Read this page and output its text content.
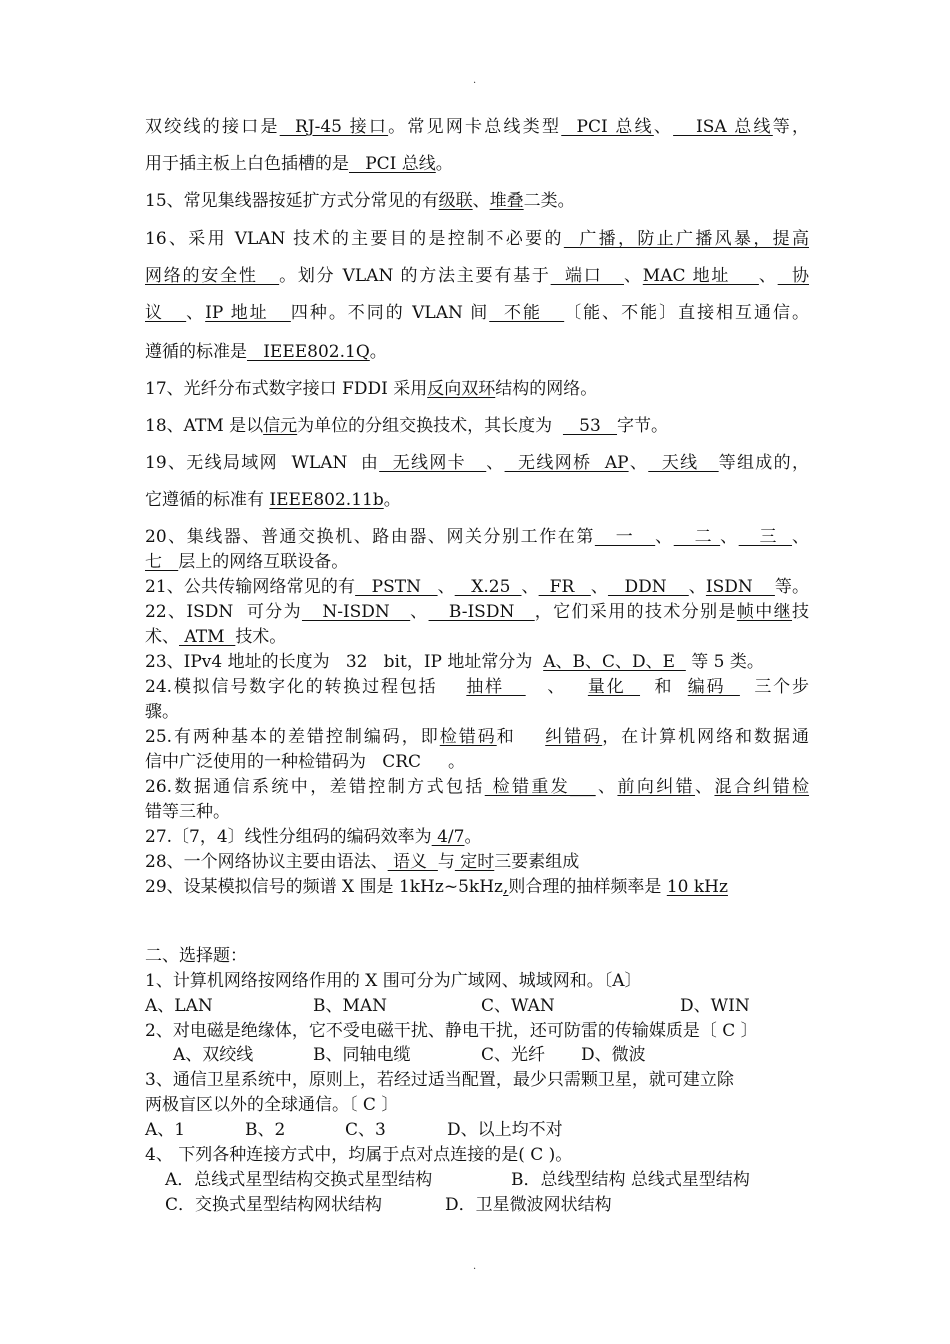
.
双绞线的接口是  RJ-45 接口。常见网卡总线类型  PCI 总线、   ISA 总线等，
用于插主板上白色插槽的是   PCI 总线。
15、常见集线器按延扩方式分常见的有级联、堆叠二类。
16、采用 VLAN 技术的主要目的是控制不必要的  广播，防止广播风暴，提高
网络的安全性   。划分 VLAN 的方法主要有基于  端口   、MAC 地址    、  协
议   、IP 地址   四种。不同的 VLAN 间  不能   〔能、不能〕直接相互通信。
遵循的标准是   IEEE802.1Q。
17、光纤分布式数字接口 FDDI 采用反向双环结构的网络。
18、ATM 是以信元为单位的分组交换技术，其长度为     53   字节。
19、无线局域网  WLAN  由  无线网卡   、  无线网桥  AP、  天线   等组成的，
它遵循的标准有 IEEE802.11b。
20、集线器、普通交换机、路由器、网关分别工作在第   一   、   二 、   三  、
七   层上的网络互联设备。
21、公共传输网络常见的有   PSTN   、   X.25  、  FR   、   DDN    、ISDN    等。
22、ISDN  可分为   N-ISDN   、   B-ISDN   ，它们采用的技术分别是帧中继技
术、 ATM  技术。
23、IPv4 地址的长度为   32   bit，IP 地址常分为  A、B、C、D、E   等 5 类。
24.模拟信号数字化的转换过程包括    抽样      、   量化    和  编码    三个步
骤。
25.有两种基本的差错控制编码，即检错码和    纠错码，在计算机网络和数据通
信中广泛使用的一种检错码为   CRC     。
26.数据通信系统中，差错控制方式包括 检错重发___、前向纠错、混合纠错检
错等三种。
27.〔7，4〕线性分组码的编码效率为 4/7。
28、一个网络协议主要由语法、 语义  与 定时三要素组成
29、设某模拟信号的频谱 X 围是 1kHz~5kHz,则合理的抽样频率是 10 kHz
二、选择题：
1、计算机网络按网络作用的 X 围可分为广域网、城域网和。〔A〕
A、LAN	B、MAN	C、WAN	D、WIN
2、对电磁是绝缘体，它不受电磁干扰、静电干扰，还可防雷的传输媒质是〔 C 〕
A、双绞线	B、同轴电缆	C、光纤 D、微波
3、通信卫星系统中，原则上，若经过适当配置，最少只需颗卫星，就可建立除
两极盲区以外的全球通信。〔 C 〕
A、1	B、2	C、3	D、以上均不对
4、 下列各种连接方式中，均属于点对点连接的是( C )。
A．总线式星型结构交换式星型结构	B．总线型结构 总线式星型结构
C．交换式星型结构网状结构	D．卫星微波网状结构
.
